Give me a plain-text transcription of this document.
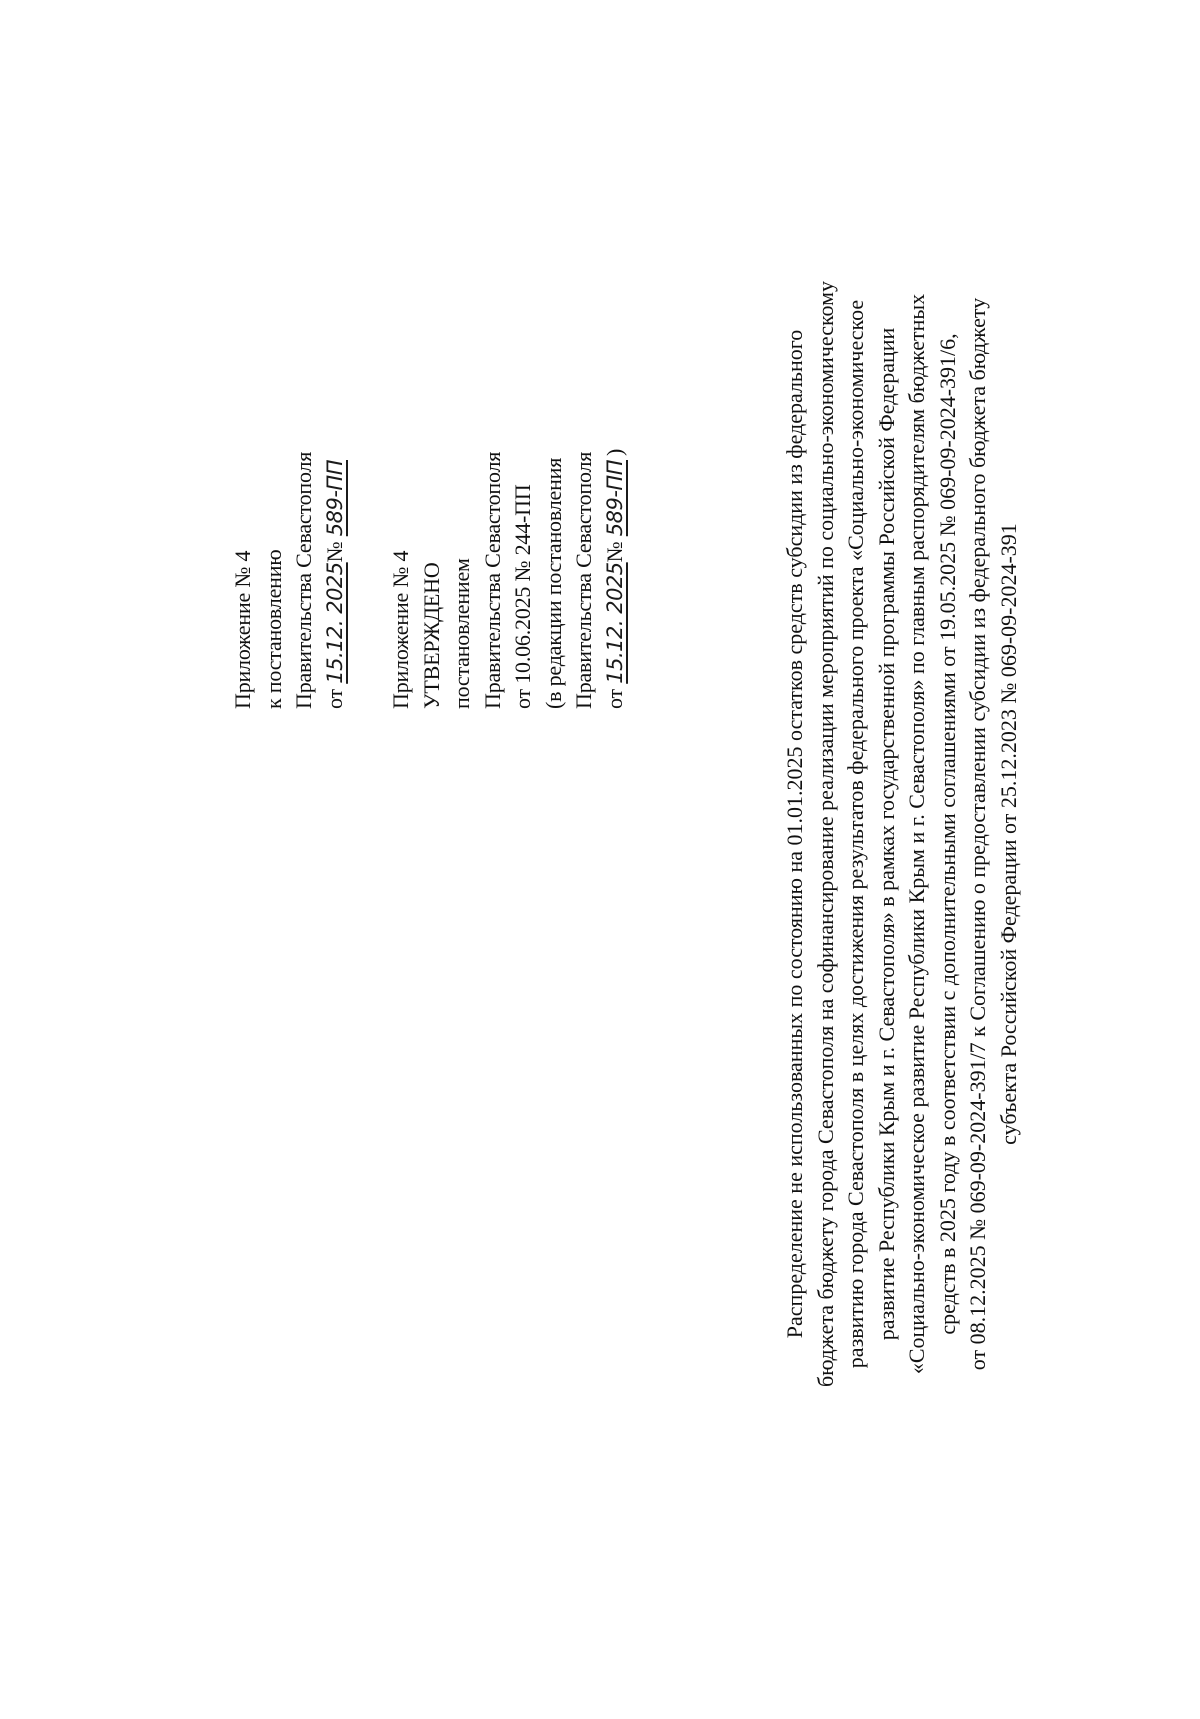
Приложение № 4 к постановлению Правительства Севастополя от 15.12. 2025№ 589-ПП
Приложение № 4 УТВЕРЖДЕНО постановлением Правительства Севастополя от 10.06.2025 № 244-ПП (в редакции постановления Правительства Севастополя от 15.12. 2025№ 589-ПП)	Распределение не использованных по состоянию на 01.01.2025 остатков средств субсидии из федерального бюджета бюджету города Севастополя на софинансирование реализации мероприятий по социально-экономическому развитию города Севастополя в целях достижения результатов федерального проекта «Социально-экономическое развитие Республики Крым и г. Севастополя» в рамках государственной программы Российской Федерации «Социально-экономическое развитие Республики Крым и г. Севастополя» по главным распорядителям бюджетных средств в 2025 году в соответствии с дополнительными соглашениями от 19.05.2025 № 069-09-2024-391/6, от 08.12.2025 № 069-09-2024-391/7 к Соглашению о предоставлении субсидии из федерального бюджета бюджету субъекта Российской Федерации от 25.12.2023 № 069-09-2024-391
